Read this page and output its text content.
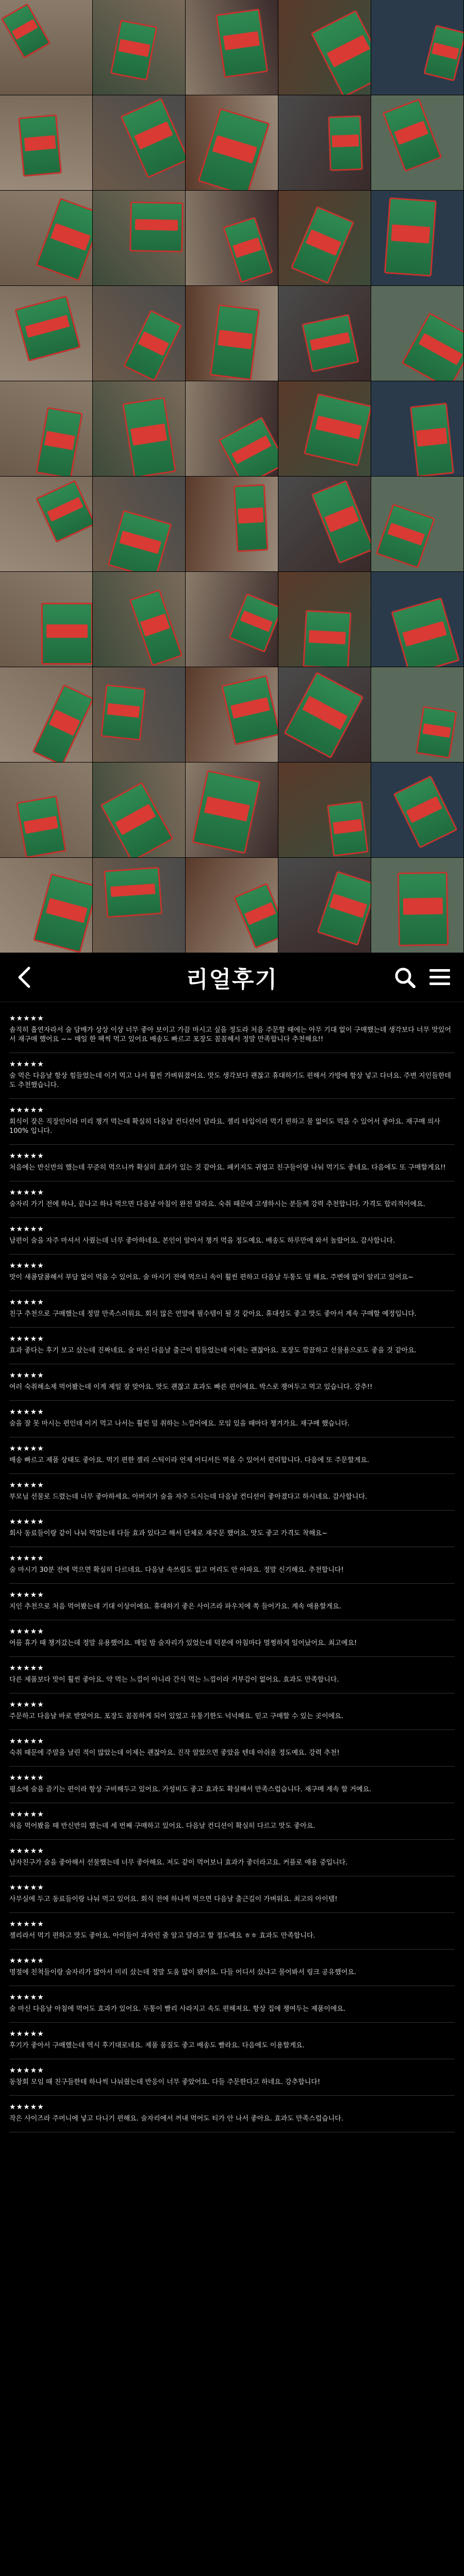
리얼후기
★★★★★
솔직히 흡연자라서 술 담배가 상상 이상 너무 좋아 보이고 가끔 마시고 싶을 정도라 처음 주문할 때에는 아무 기대 없이 구매했는데 생각보다 너무 맛있어서 재구매 했어요 ~~ 매일 한 팩씩 먹고 있어요 배송도 빠르고 포장도 꼼꼼해서 정말 만족합니다 추천해요!!
★★★★★
술 먹은 다음날 항상 힘들었는데 이거 먹고 나서 훨씬 가벼워졌어요. 맛도 생각보다 괜찮고 휴대하기도 편해서 가방에 항상 넣고 다녀요. 주변 지인들한테도 추천했습니다.
★★★★★
회식이 잦은 직장인이라 미리 챙겨 먹는데 확실히 다음날 컨디션이 달라요. 젤리 타입이라 먹기 편하고 물 없이도 먹을 수 있어서 좋아요. 재구매 의사 100% 입니다.
★★★★★
처음에는 반신반의 했는데 꾸준히 먹으니까 확실히 효과가 있는 것 같아요. 패키지도 귀엽고 친구들이랑 나눠 먹기도 좋네요. 다음에도 또 구매할게요!!
★★★★★
술자리 가기 전에 하나, 끝나고 하나 먹으면 다음날 아침이 완전 달라요. 숙취 때문에 고생하시는 분들께 강력 추천합니다. 가격도 합리적이에요.
★★★★★
남편이 술을 자주 마셔서 사줬는데 너무 좋아하네요. 본인이 알아서 챙겨 먹을 정도예요. 배송도 하루만에 와서 놀랐어요. 감사합니다.
★★★★★
맛이 새콤달콤해서 부담 없이 먹을 수 있어요. 술 마시기 전에 먹으니 속이 훨씬 편하고 다음날 두통도 덜 해요. 주변에 많이 알리고 있어요~
★★★★★
친구 추천으로 구매했는데 정말 만족스러워요. 회식 많은 연말에 필수템이 될 것 같아요. 휴대성도 좋고 맛도 좋아서 계속 구매할 예정입니다.
★★★★★
효과 좋다는 후기 보고 샀는데 진짜네요. 술 마신 다음날 출근이 힘들었는데 이제는 괜찮아요. 포장도 깔끔하고 선물용으로도 좋을 것 같아요.
★★★★★
여러 숙취해소제 먹어봤는데 이게 제일 잘 맞아요. 맛도 괜찮고 효과도 빠른 편이에요. 박스로 쟁여두고 먹고 있습니다. 강추!!
★★★★★
술을 잘 못 마시는 편인데 이거 먹고 나서는 훨씬 덜 취하는 느낌이에요. 모임 있을 때마다 챙겨가요. 재구매 했습니다.
★★★★★
배송 빠르고 제품 상태도 좋아요. 먹기 편한 젤리 스틱이라 언제 어디서든 먹을 수 있어서 편리합니다. 다음에 또 주문할게요.
★★★★★
부모님 선물로 드렸는데 너무 좋아하세요. 아버지가 술을 자주 드시는데 다음날 컨디션이 좋아졌다고 하시네요. 감사합니다.
★★★★★
회사 동료들이랑 같이 나눠 먹었는데 다들 효과 있다고 해서 단체로 재주문 했어요. 맛도 좋고 가격도 착해요~
★★★★★
술 마시기 30분 전에 먹으면 확실히 다르네요. 다음날 속쓰림도 없고 머리도 안 아파요. 정말 신기해요. 추천합니다!
★★★★★
지인 추천으로 처음 먹어봤는데 기대 이상이에요. 휴대하기 좋은 사이즈라 파우치에 쏙 들어가요. 계속 애용할게요.
★★★★★
여름 휴가 때 챙겨갔는데 정말 유용했어요. 매일 밤 술자리가 있었는데 덕분에 아침마다 멀쩡하게 일어났어요. 최고예요!
★★★★★
다른 제품보다 맛이 훨씬 좋아요. 약 먹는 느낌이 아니라 간식 먹는 느낌이라 거부감이 없어요. 효과도 만족합니다.
★★★★★
주문하고 다음날 바로 받았어요. 포장도 꼼꼼하게 되어 있었고 유통기한도 넉넉해요. 믿고 구매할 수 있는 곳이에요.
★★★★★
숙취 때문에 주말을 날린 적이 많았는데 이제는 괜찮아요. 진작 알았으면 좋았을 텐데 아쉬울 정도예요. 강력 추천!
★★★★★
평소에 술을 즐기는 편이라 항상 구비해두고 있어요. 가성비도 좋고 효과도 확실해서 만족스럽습니다. 재구매 계속 할 거예요.
★★★★★
처음 먹어봤을 때 반신반의 했는데 세 번째 구매하고 있어요. 다음날 컨디션이 확실히 다르고 맛도 좋아요.
★★★★★
남자친구가 술을 좋아해서 선물했는데 너무 좋아해요. 저도 같이 먹어보니 효과가 좋더라고요. 커플로 애용 중입니다.
★★★★★
사무실에 두고 동료들이랑 나눠 먹고 있어요. 회식 전에 하나씩 먹으면 다음날 출근길이 가벼워요. 최고의 아이템!
★★★★★
젤리라서 먹기 편하고 맛도 좋아요. 아이들이 과자인 줄 알고 달라고 할 정도예요 ㅎㅎ 효과도 만족합니다.
★★★★★
명절에 친척들이랑 술자리가 많아서 미리 샀는데 정말 도움 많이 됐어요. 다들 어디서 샀냐고 물어봐서 링크 공유했어요.
★★★★★
술 마신 다음날 아침에 먹어도 효과가 있어요. 두통이 빨리 사라지고 속도 편해져요. 항상 집에 쟁여두는 제품이에요.
★★★★★
후기가 좋아서 구매했는데 역시 후기대로네요. 제품 품질도 좋고 배송도 빨라요. 다음에도 이용할게요.
★★★★★
동창회 모임 때 친구들한테 하나씩 나눠줬는데 반응이 너무 좋았어요. 다들 주문한다고 하네요. 강추합니다!
★★★★★
작은 사이즈라 주머니에 넣고 다니기 편해요. 술자리에서 꺼내 먹어도 티가 안 나서 좋아요. 효과도 만족스럽습니다.
